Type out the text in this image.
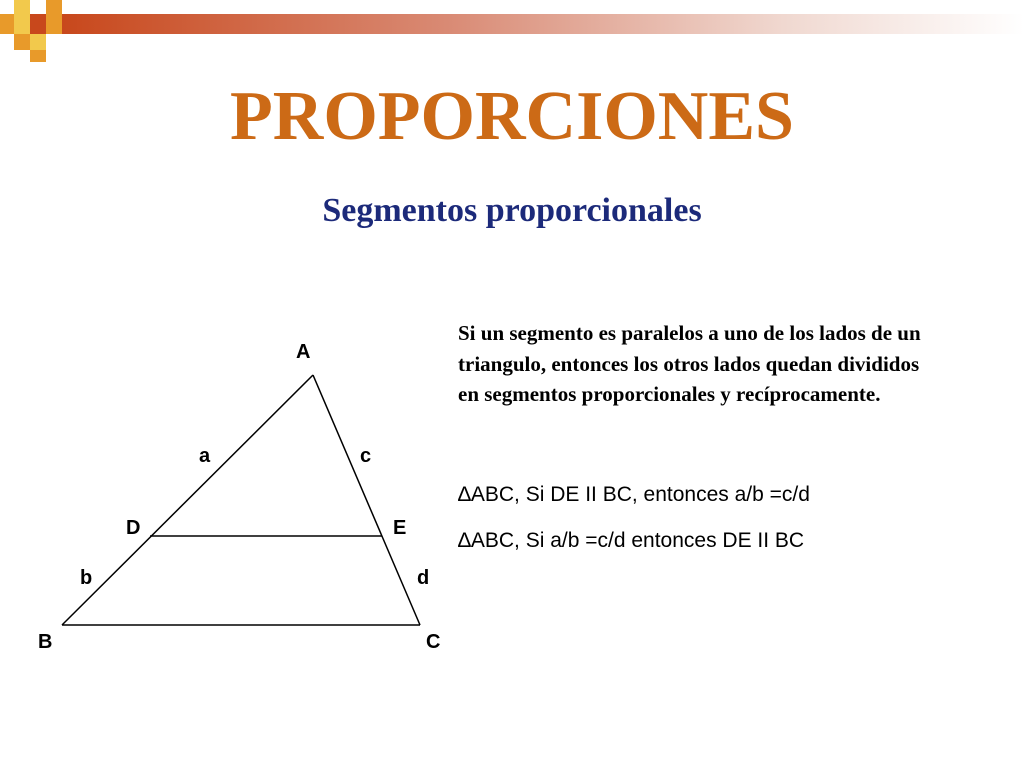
PROPORCIONES
Segmentos proporcionales
A
B	C
D	E
a	c
b	d

Si un segmento es paralelos a uno de los lados de un triangulo, entonces los otros lados quedan divididos en segmentos proporcionales y recíprocamente.

∆ABC, Si DE II BC, entonces a/b =c/d

∆ABC, Si a/b =c/d entonces DE II BC
